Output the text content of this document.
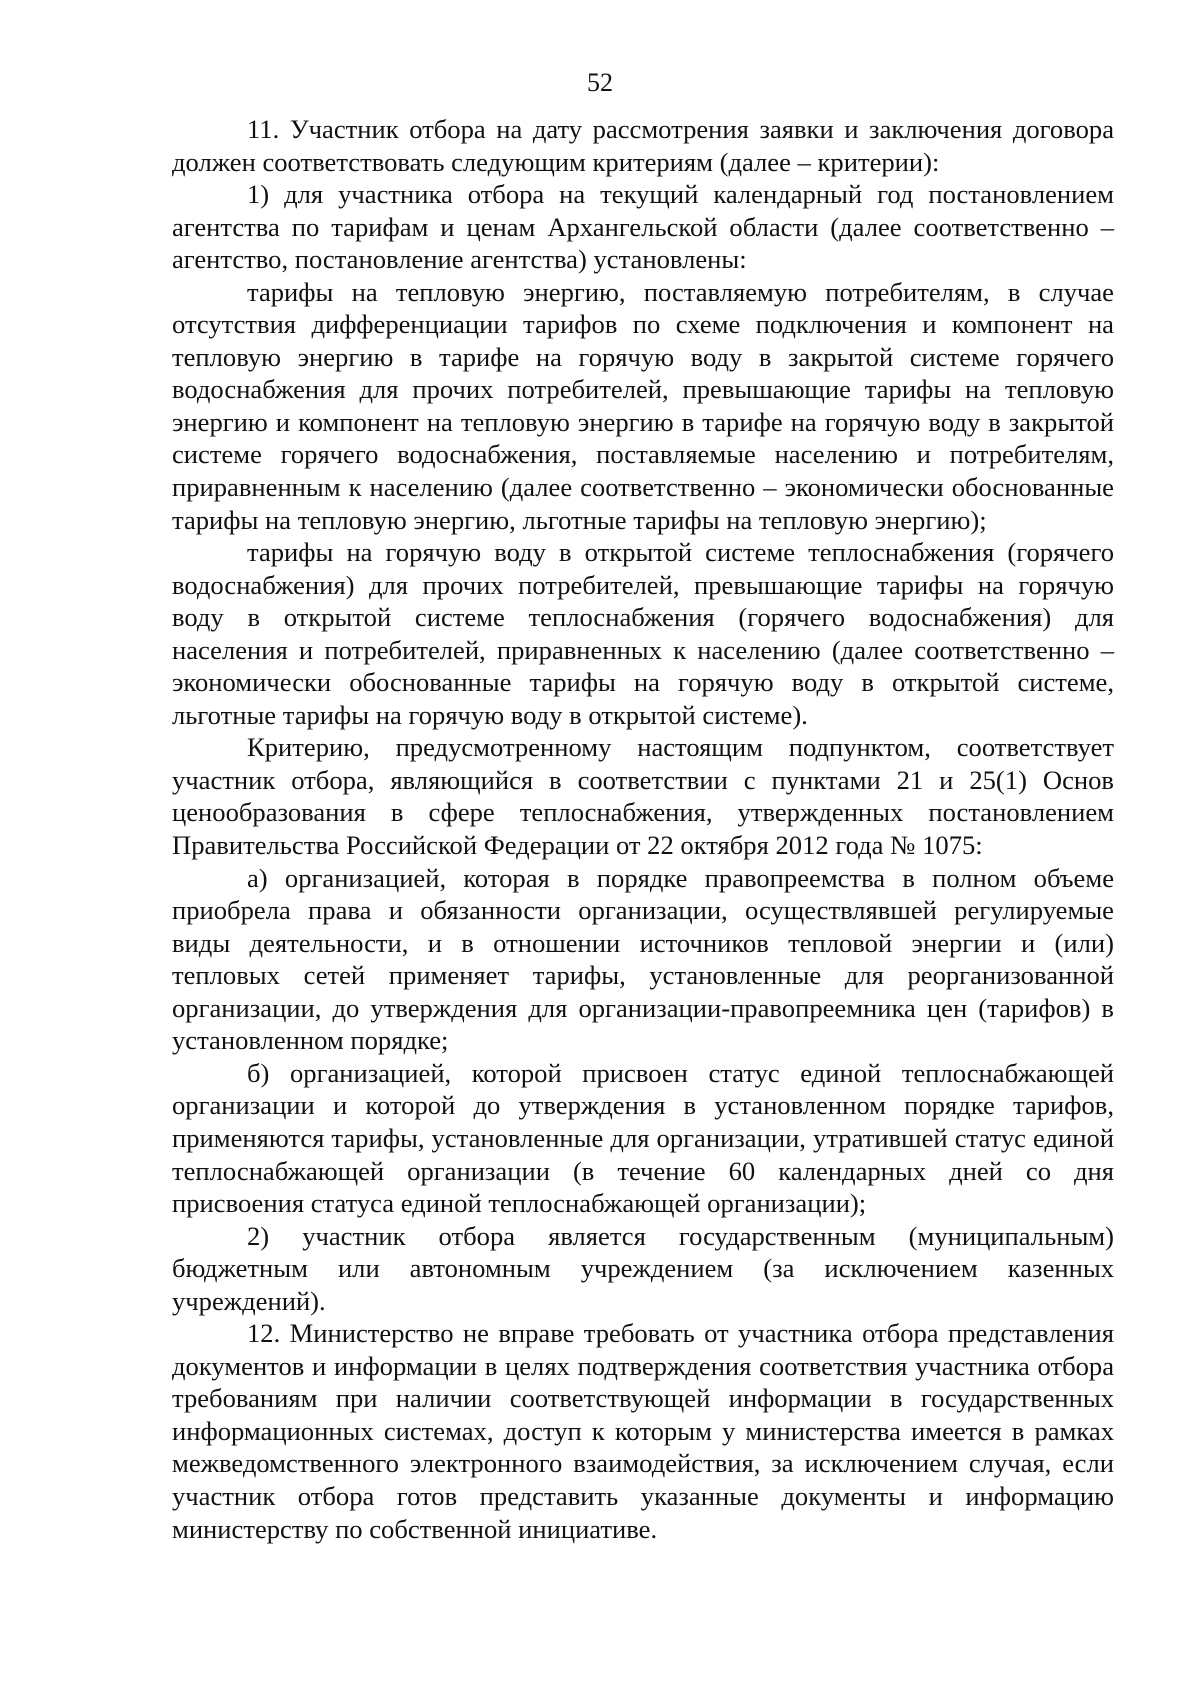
52

11. Участник отбора на дату рассмотрения заявки и заключения договора должен соответствовать следующим критериям (далее – критерии):

1) для участника отбора на текущий календарный год постановлением агентства по тарифам и ценам Архангельской области (далее соответственно – агентство, постановление агентства) установлены:

тарифы на тепловую энергию, поставляемую потребителям, в случае отсутствия дифференциации тарифов по схеме подключения и компонент на тепловую энергию в тарифе на горячую воду в закрытой системе горячего водоснабжения для прочих потребителей, превышающие тарифы на тепловую энергию и компонент на тепловую энергию в тарифе на горячую воду в закрытой системе горячего водоснабжения, поставляемые населению и потребителям, приравненным к населению (далее соответственно – экономически обоснованные тарифы на тепловую энергию, льготные тарифы на тепловую энергию);

тарифы на горячую воду в открытой системе теплоснабжения (горячего водоснабжения) для прочих потребителей, превышающие тарифы на горячую воду в открытой системе теплоснабжения (горячего водоснабжения) для населения и потребителей, приравненных к населению (далее соответственно – экономически обоснованные тарифы на горячую воду в открытой системе, льготные тарифы на горячую воду в открытой системе).

Критерию, предусмотренному настоящим подпунктом, соответствует участник отбора, являющийся в соответствии с пунктами 21 и 25(1) Основ ценообразования в сфере теплоснабжения, утвержденных постановлением Правительства Российской Федерации от 22 октября 2012 года № 1075:

а) организацией, которая в порядке правопреемства в полном объеме приобрела права и обязанности организации, осуществлявшей регулируемые виды деятельности, и в отношении источников тепловой энергии и (или) тепловых сетей применяет тарифы, установленные для реорганизованной организации, до утверждения для организации-правопреемника цен (тарифов) в установленном порядке;

б) организацией, которой присвоен статус единой теплоснабжающей организации и которой до утверждения в установленном порядке тарифов, применяются тарифы, установленные для организации, утратившей статус единой теплоснабжающей организации (в течение 60 календарных дней со дня присвоения статуса единой теплоснабжающей организации);

2) участник отбора является государственным (муниципальным) бюджетным или автономным учреждением (за исключением казенных учреждений).

12. Министерство не вправе требовать от участника отбора представления документов и информации в целях подтверждения соответствия участника отбора требованиям при наличии соответствующей информации в государственных информационных системах, доступ к которым у министерства имеется в рамках межведомственного электронного взаимодействия, за исключением случая, если участник отбора готов представить указанные документы и информацию министерству по собственной инициативе.
